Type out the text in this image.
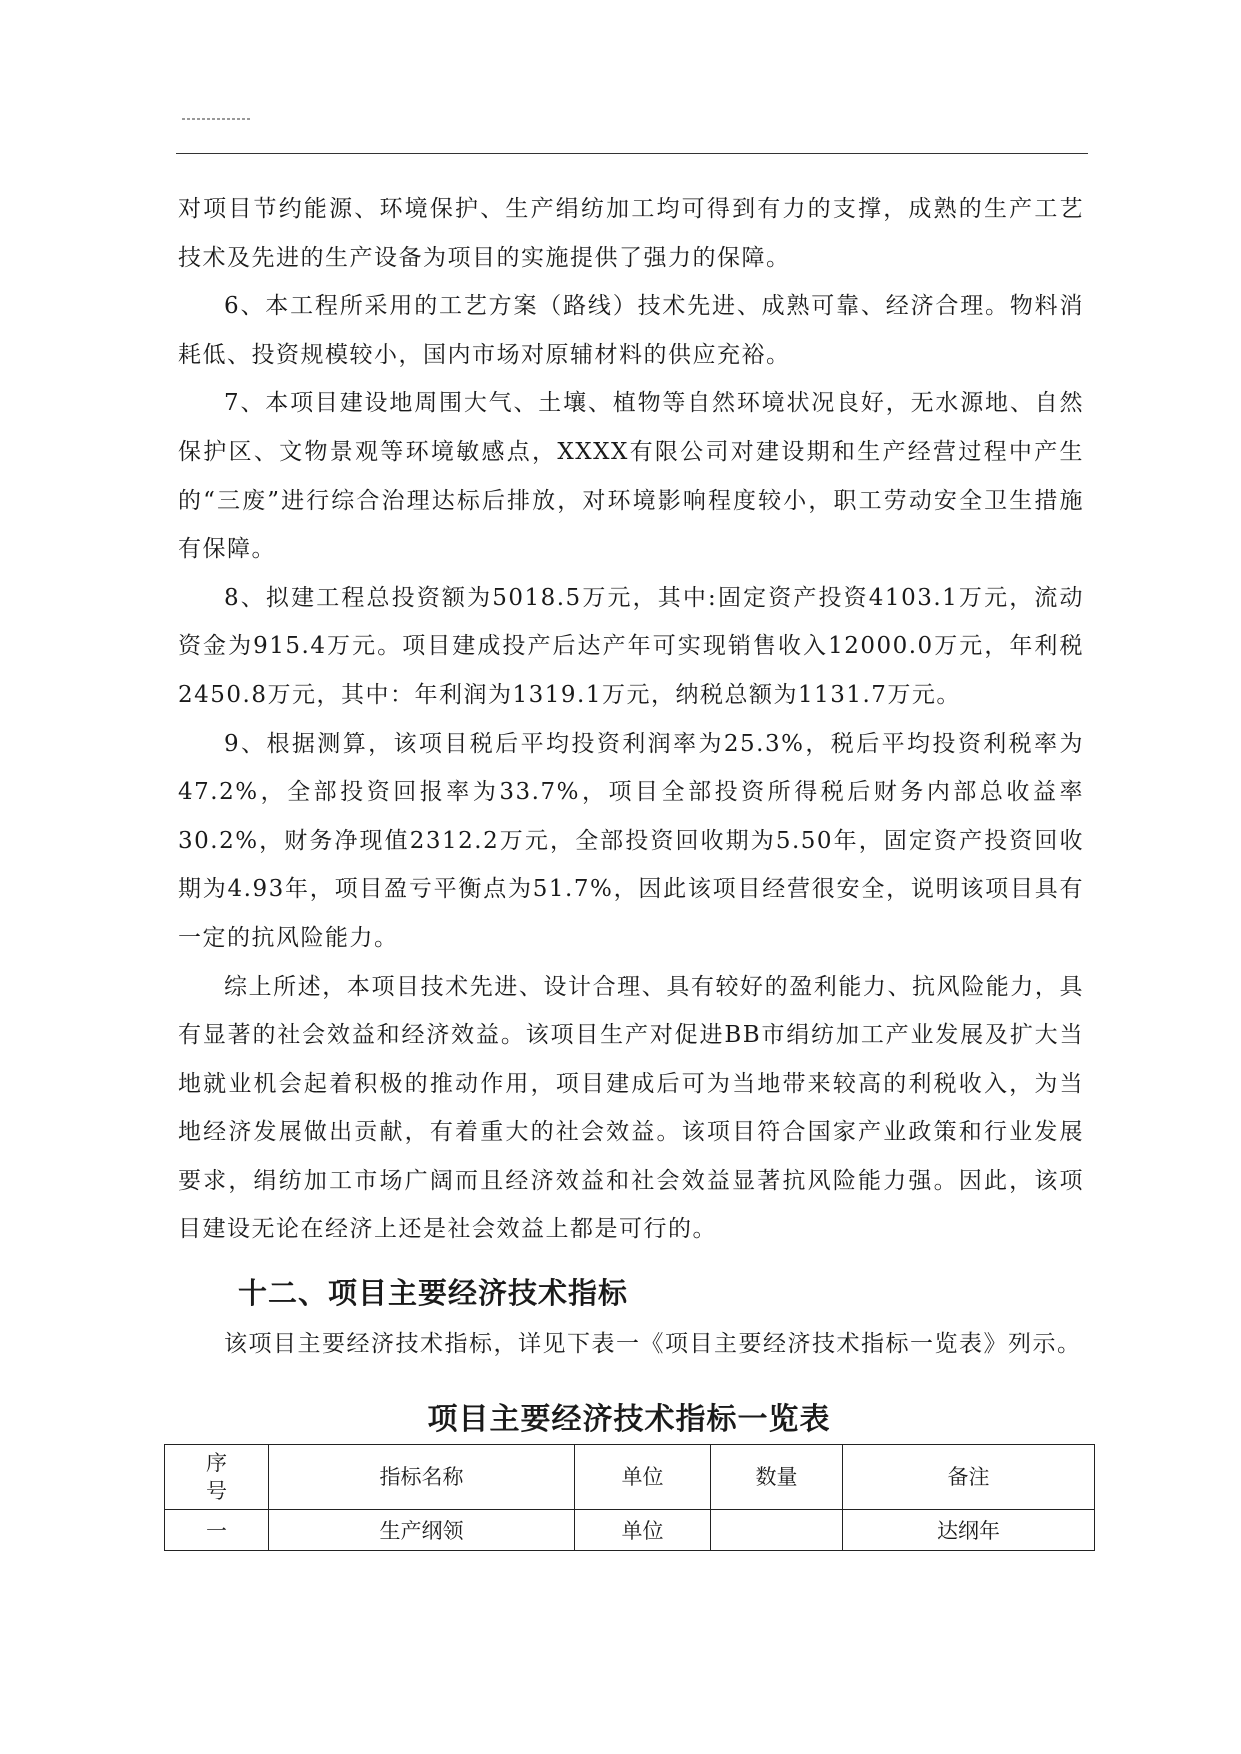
对项目节约能源、环境保护、生产绢纺加工均可得到有力的支撑，成熟的生产工艺技术及先进的生产设备为项目的实施提供了强力的保障。

6、本工程所采用的工艺方案（路线）技术先进、成熟可靠、经济合理。物料消耗低、投资规模较小，国内市场对原辅材料的供应充裕。

7、本项目建设地周围大气、土壤、植物等自然环境状况良好，无水源地、自然保护区、文物景观等环境敏感点，XXXX有限公司对建设期和生产经营过程中产生的“三废”进行综合治理达标后排放，对环境影响程度较小，职工劳动安全卫生措施有保障。

8、拟建工程总投资额为5018.5万元，其中:固定资产投资4103.1万元，流动资金为915.4万元。项目建成投产后达产年可实现销售收入12000.0万元，年利税2450.8万元，其中：年利润为1319.1万元，纳税总额为1131.7万元。

9、根据测算，该项目税后平均投资利润率为25.3%，税后平均投资利税率为47.2%，全部投资回报率为33.7%，项目全部投资所得税后财务内部总收益率30.2%，财务净现值2312.2万元，全部投资回收期为5.50年，固定资产投资回收期为4.93年，项目盈亏平衡点为51.7%，因此该项目经营很安全，说明该项目具有一定的抗风险能力。

综上所述，本项目技术先进、设计合理、具有较好的盈利能力、抗风险能力，具有显著的社会效益和经济效益。该项目生产对促进BB市绢纺加工产业发展及扩大当地就业机会起着积极的推动作用，项目建成后可为当地带来较高的利税收入，为当地经济发展做出贡献，有着重大的社会效益。该项目符合国家产业政策和行业发展要求，绢纺加工市场广阔而且经济效益和社会效益显著抗风险能力强。因此，该项目建设无论在经济上还是社会效益上都是可行的。

十二、项目主要经济技术指标

该项目主要经济技术指标，详见下表一《项目主要经济技术指标一览表》列示。

项目主要经济技术指标一览表
序
号	指标名称	单位	数量	备注
一	生产纲领	单位		达纲年
